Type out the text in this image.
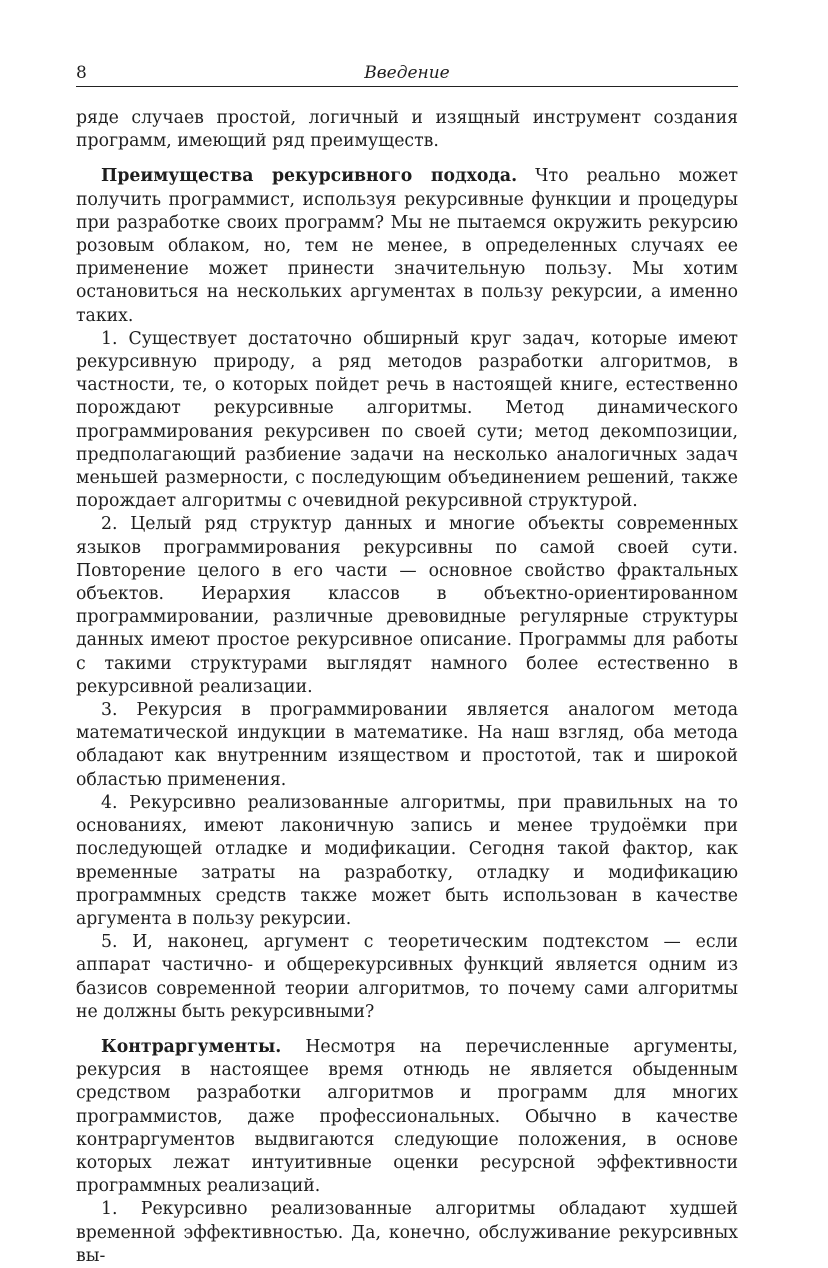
8	Введение

ряде случаев простой, логичный и изящный инструмент создания программ, имеющий ряд преимуществ.

Преимущества рекурсивного подхода. Что реально может получить программист, используя рекурсивные функции и процедуры при разработке своих программ? Мы не пытаемся окружить рекурсию розовым облаком, но, тем не менее, в определенных случаях ее применение может принести значительную пользу. Мы хотим остановиться на нескольких аргументах в пользу рекурсии, а именно таких.

1. Существует достаточно обширный круг задач, которые имеют рекурсивную природу, а ряд методов разработки алгоритмов, в частности, те, о которых пойдет речь в настоящей книге, естественно порождают рекурсивные алгоритмы. Метод динамического программирования рекурсивен по своей сути; метод декомпозиции, предполагающий разбиение задачи на несколько аналогичных задач меньшей размерности, с последующим объединением решений, также порождает алгоритмы с очевидной рекурсивной структурой.

2. Целый ряд структур данных и многие объекты современных языков программирования рекурсивны по самой своей сути. Повторение целого в его части — основное свойство фрактальных объектов. Иерархия классов в объектно-ориентированном программировании, различные древовидные регулярные структуры данных имеют простое рекурсивное описание. Программы для работы с такими структурами выглядят намного более естественно в рекурсивной реализации.

3. Рекурсия в программировании является аналогом метода математической индукции в математике. На наш взгляд, оба метода обладают как внутренним изяществом и простотой, так и широкой областью применения.

4. Рекурсивно реализованные алгоритмы, при правильных на то основаниях, имеют лаконичную запись и менее трудоёмки при последующей отладке и модификации. Сегодня такой фактор, как временные затраты на разработку, отладку и модификацию программных средств также может быть использован в качестве аргумента в пользу рекурсии.

5. И, наконец, аргумент с теоретическим подтекстом — если аппарат частично- и общерекурсивных функций является одним из базисов современной теории алгоритмов, то почему сами алгоритмы не должны быть рекурсивными?

Контраргументы. Несмотря на перечисленные аргументы, рекурсия в настоящее время отнюдь не является обыденным средством разработки алгоритмов и программ для многих программистов, даже профессиональных. Обычно в качестве контраргументов выдвигаются следующие положения, в основе которых лежат интуитивные оценки ресурсной эффективности программных реализаций.

1. Рекурсивно реализованные алгоритмы обладают худшей временной эффективностью. Да, конечно, обслуживание рекурсивных вы-
